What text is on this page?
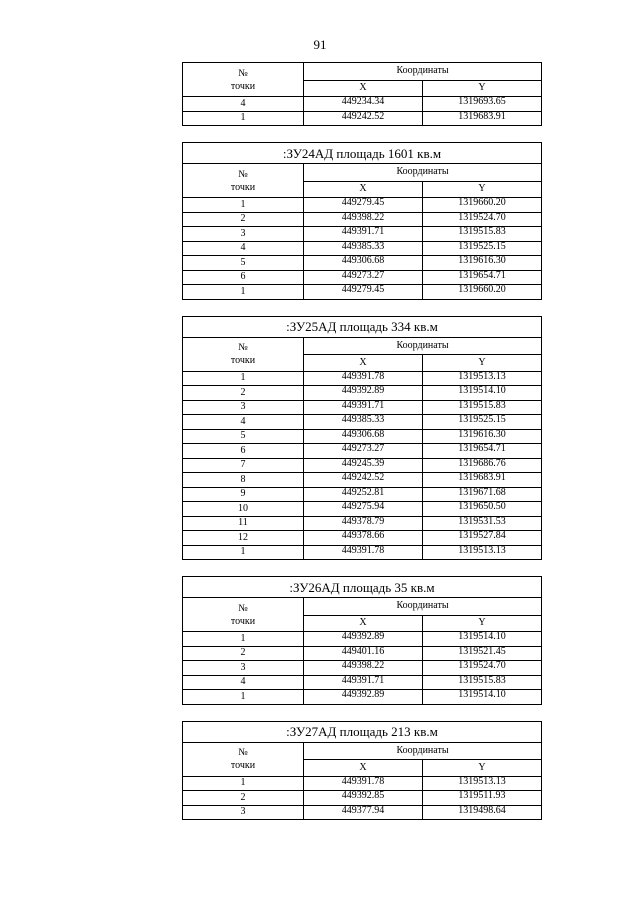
91
№
точки	Координаты	
	X	Y
4	449234.34	1319693.65
1	449242.52	1319683.91
:ЗУ24АД площадь 1601 кв.м		

№
точки	Координаты	
	X	Y
1	449279.45	1319660.20
2	449398.22	1319524.70
3	449391.71	1319515.83
4	449385.33	1319525.15
5	449306.68	1319616.30
6	449273.27	1319654.71
1	449279.45	1319660.20
:ЗУ25АД площадь 334 кв.м		

№
точки	Координаты	
	X	Y
1	449391.78	1319513.13
2	449392.89	1319514.10
3	449391.71	1319515.83
4	449385.33	1319525.15
5	449306.68	1319616.30
6	449273.27	1319654.71
7	449245.39	1319686.76
8	449242.52	1319683.91
9	449252.81	1319671.68
10	449275.94	1319650.50
11	449378.79	1319531.53
12	449378.66	1319527.84
1	449391.78	1319513.13
:ЗУ26АД площадь 35 кв.м		

№
точки	Координаты	
	X	Y
1	449392.89	1319514.10
2	449401.16	1319521.45
3	449398.22	1319524.70
4	449391.71	1319515.83
1	449392.89	1319514.10
:ЗУ27АД площадь 213 кв.м		

№
точки	Координаты	
	X	Y
1	449391.78	1319513.13
2	449392.85	1319511.93
3	449377.94	1319498.64
